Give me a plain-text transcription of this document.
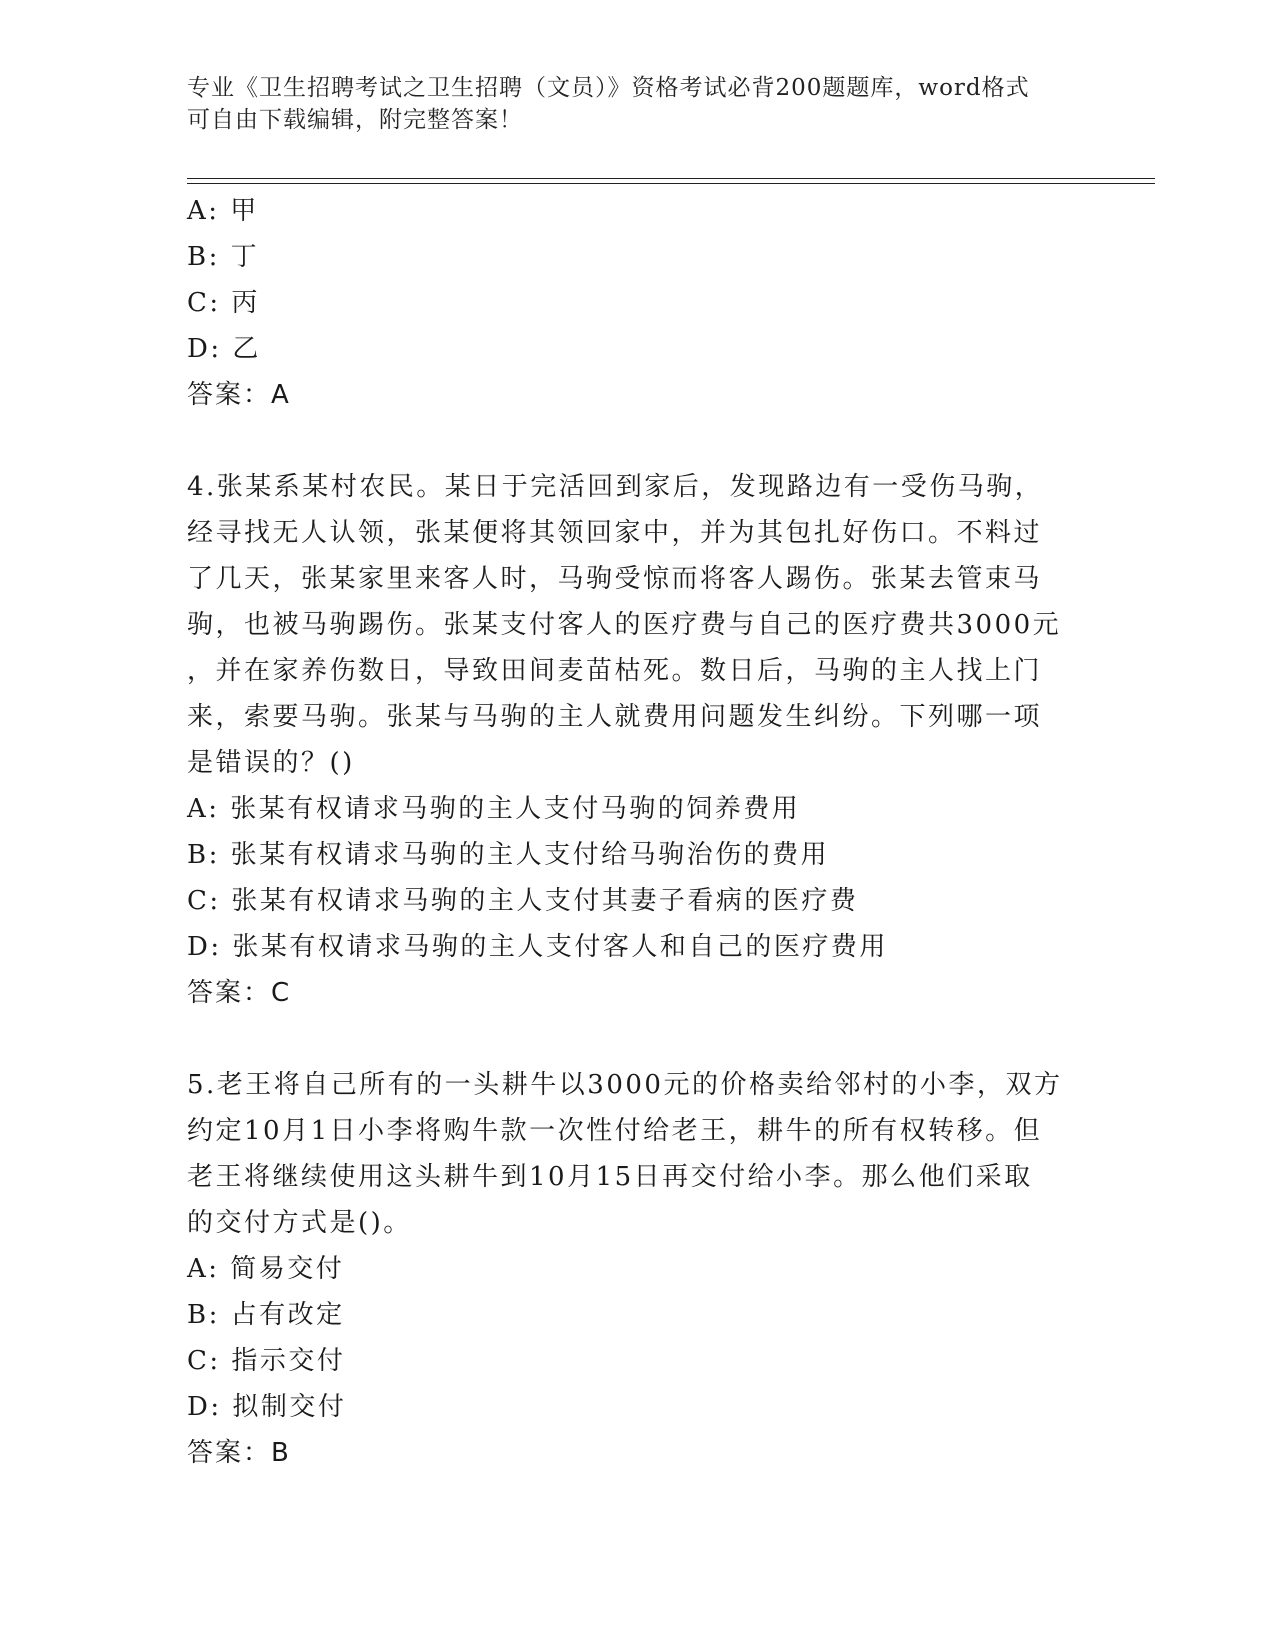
专业《卫生招聘考试之卫生招聘（文员）》资格考试必背200题题库，word格式
可自由下载编辑，附完整答案！
A: 甲
B: 丁
C: 丙
D: 乙
答案：A
4.张某系某村农民。某日于完活回到家后，发现路边有一受伤马驹，
经寻找无人认领，张某便将其领回家中，并为其包扎好伤口。不料过
了几天，张某家里来客人时，马驹受惊而将客人踢伤。张某去管束马
驹，也被马驹踢伤。张某支付客人的医疗费与自己的医疗费共3000元
，并在家养伤数日，导致田间麦苗枯死。数日后，马驹的主人找上门
来，索要马驹。张某与马驹的主人就费用问题发生纠纷。下列哪一项
是错误的？()
A: 张某有权请求马驹的主人支付马驹的饲养费用
B: 张某有权请求马驹的主人支付给马驹治伤的费用
C: 张某有权请求马驹的主人支付其妻子看病的医疗费
D: 张某有权请求马驹的主人支付客人和自己的医疗费用
答案：C
5.老王将自己所有的一头耕牛以3000元的价格卖给邻村的小李，双方
约定10月1日小李将购牛款一次性付给老王，耕牛的所有权转移。但
老王将继续使用这头耕牛到10月15日再交付给小李。那么他们采取
的交付方式是()。
A: 简易交付
B: 占有改定
C: 指示交付
D: 拟制交付
答案：B
